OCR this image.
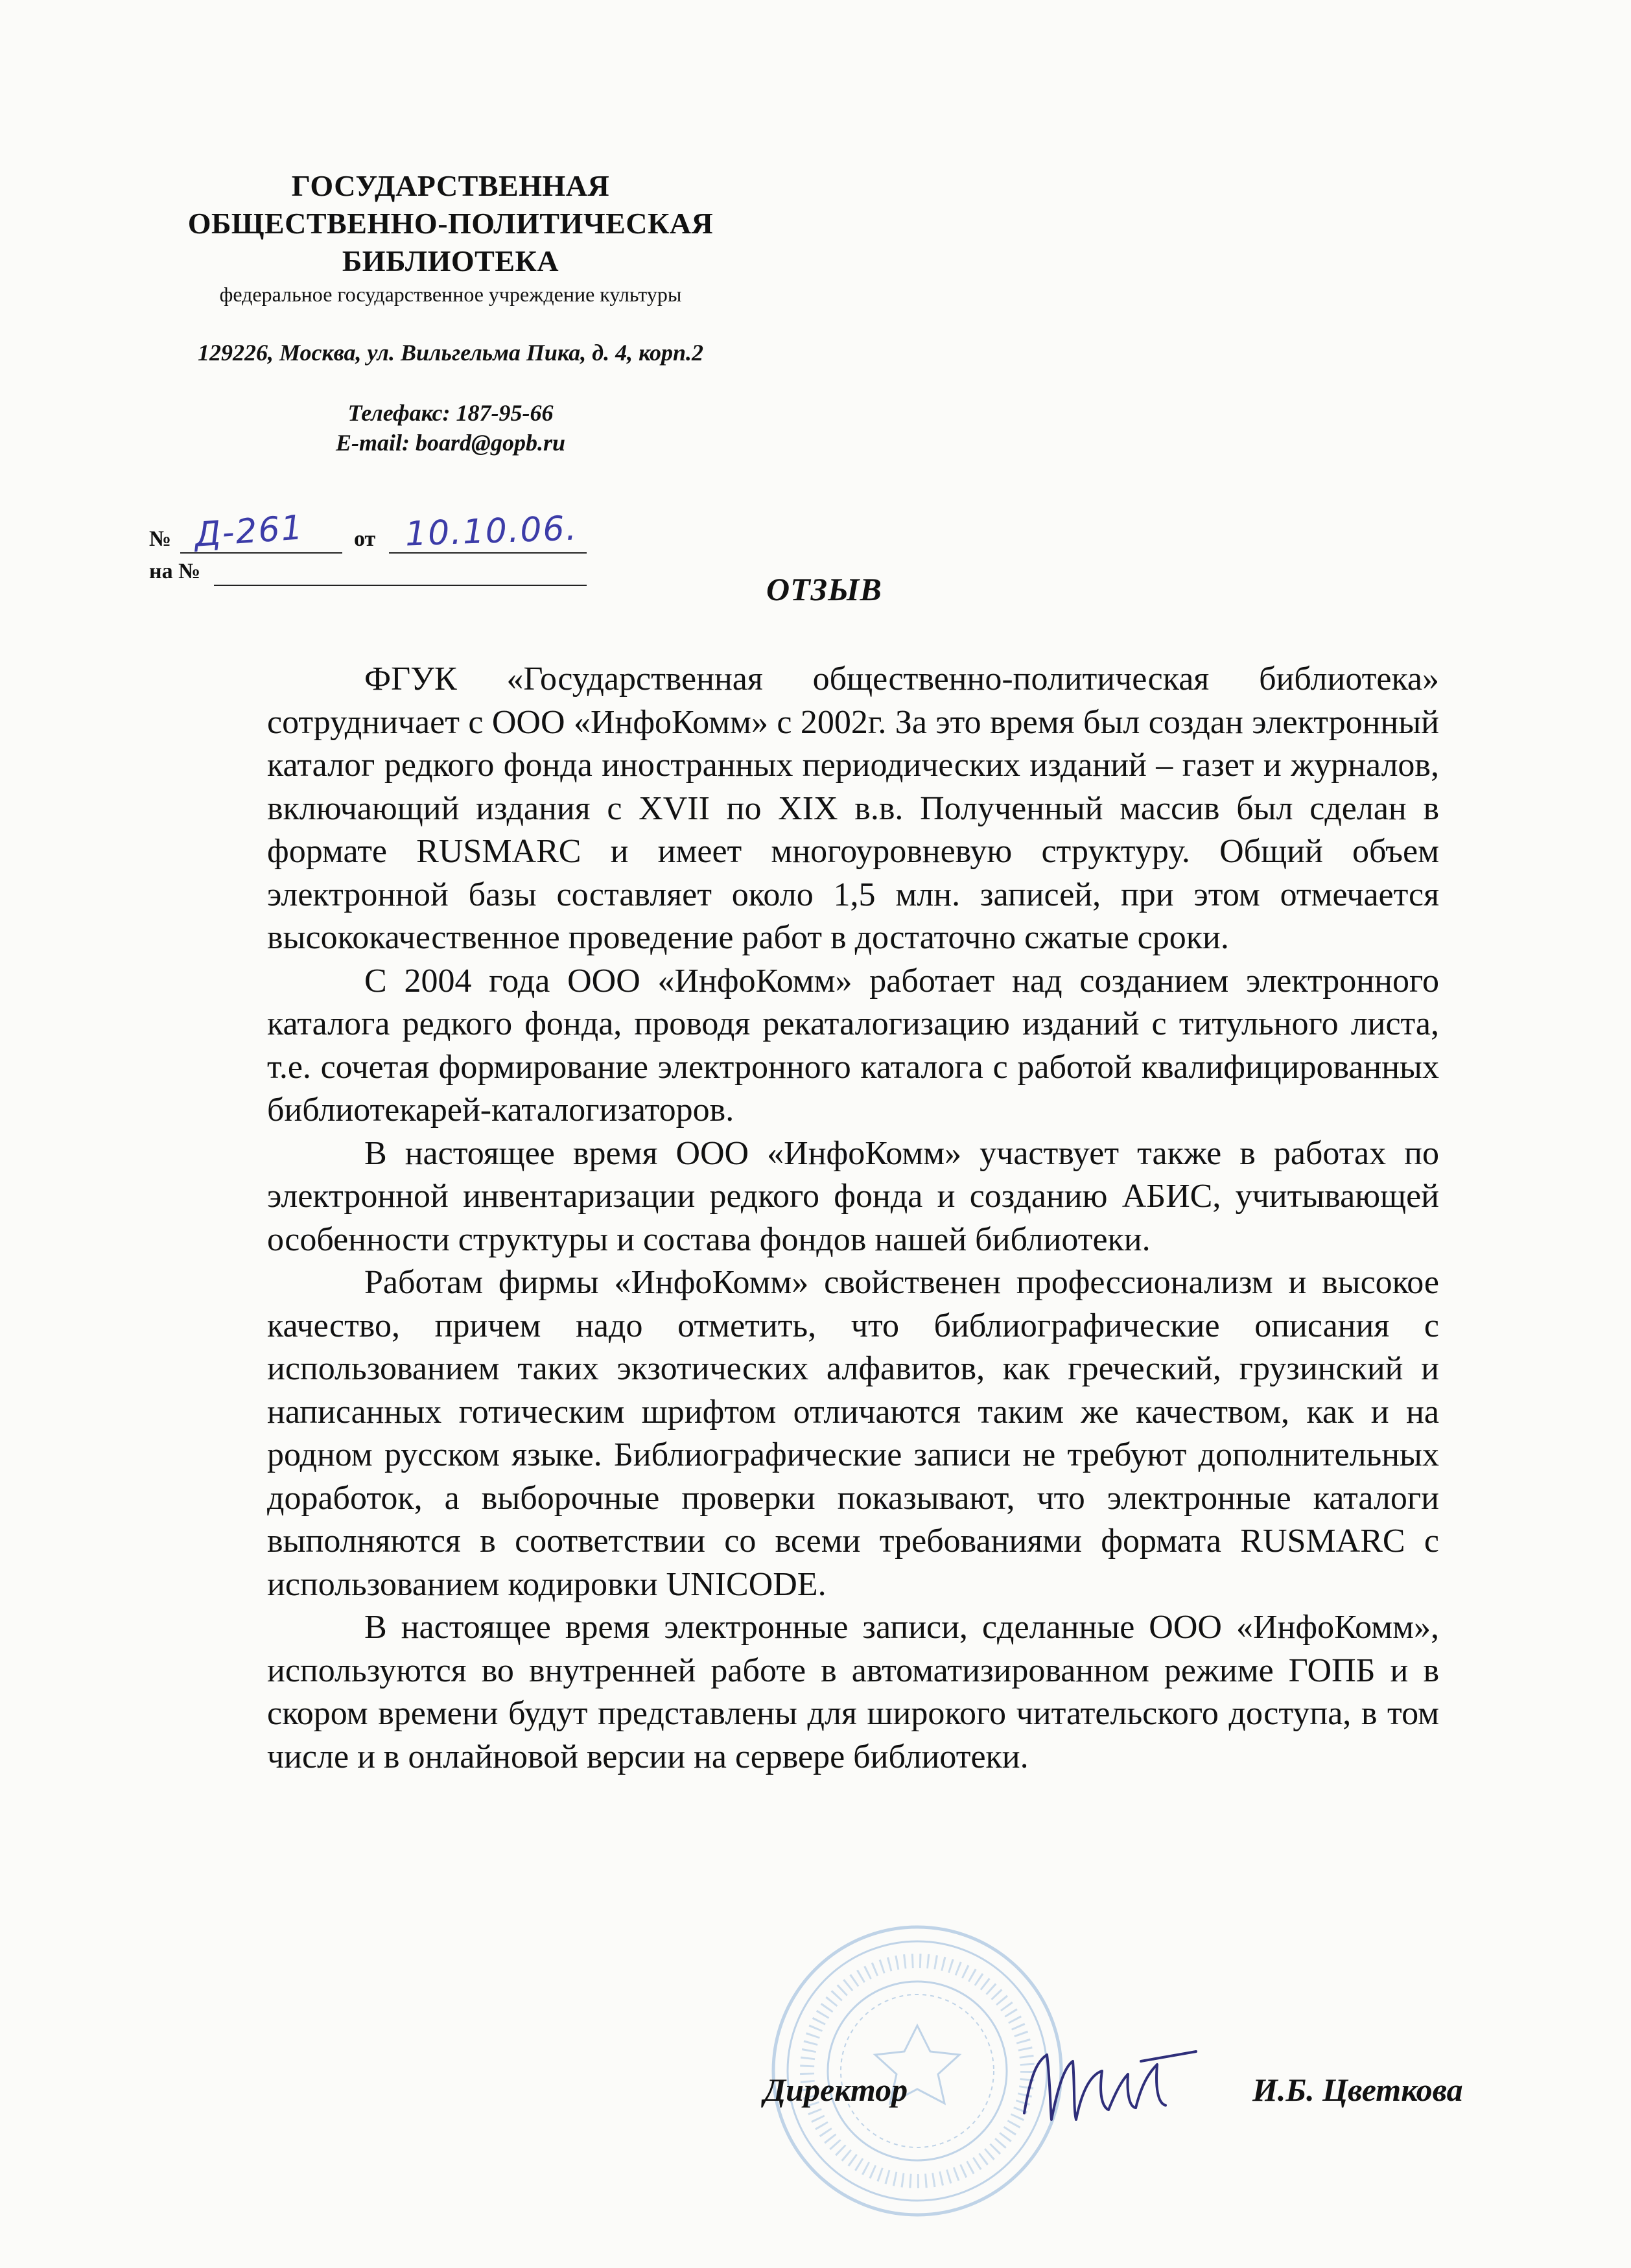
ГОСУДАРСТВЕННАЯ
ОБЩЕСТВЕННО-ПОЛИТИЧЕСКАЯ
БИБЛИОТЕКА
федеральное государственное учреждение культуры
129226, Москва, ул. Вильгельма Пика, д. 4, корп.2
Телефакс: 187-95-66
E-mail: board@gopb.ru
№ Д-261 от 10.10.06.
на №	ОТЗЫВ

ФГУК «Государственная общественно-политическая библиотека» сотрудничает с ООО «ИнфоКомм» с 2002г. За это время был создан электронный каталог редкого фонда иностранных периодических изданий – газет и журналов, включающий издания с XVII по XIX в.в. Полученный массив был сделан в формате RUSMARC и имеет многоуровневую структуру. Общий объем электронной базы составляет около 1,5 млн. записей, при этом отмечается высококачественное проведение работ в достаточно сжатые сроки.

С 2004 года ООО «ИнфоКомм» работает над созданием электронного каталога редкого фонда, проводя рекаталогизацию изданий с титульного листа, т.е. сочетая формирование электронного каталога с работой квалифицированных библиотекарей-каталогизаторов.

В настоящее время ООО «ИнфоКомм» участвует также в работах по электронной инвентаризации редкого фонда и созданию АБИС, учитывающей особенности структуры и состава фондов нашей библиотеки.

Работам фирмы «ИнфоКомм» свойственен профессионализм и высокое качество, причем надо отметить, что библиографические описания с использованием таких экзотических алфавитов, как греческий, грузинский и написанных готическим шрифтом отличаются таким же качеством, как и на родном русском языке. Библиографические записи не требуют дополнительных доработок, а выборочные проверки показывают, что электронные каталоги выполняются в соответствии со всеми требованиями формата RUSMARC с использованием кодировки UNICODE.

В настоящее время электронные записи, сделанные ООО «ИнфоКомм», используются во внутренней работе в автоматизированном режиме ГОПБ и в скором времени будут представлены для широкого читательского доступа, в том числе и в онлайновой версии на сервере библиотеки.

Директор	И.Б. Цветкова
